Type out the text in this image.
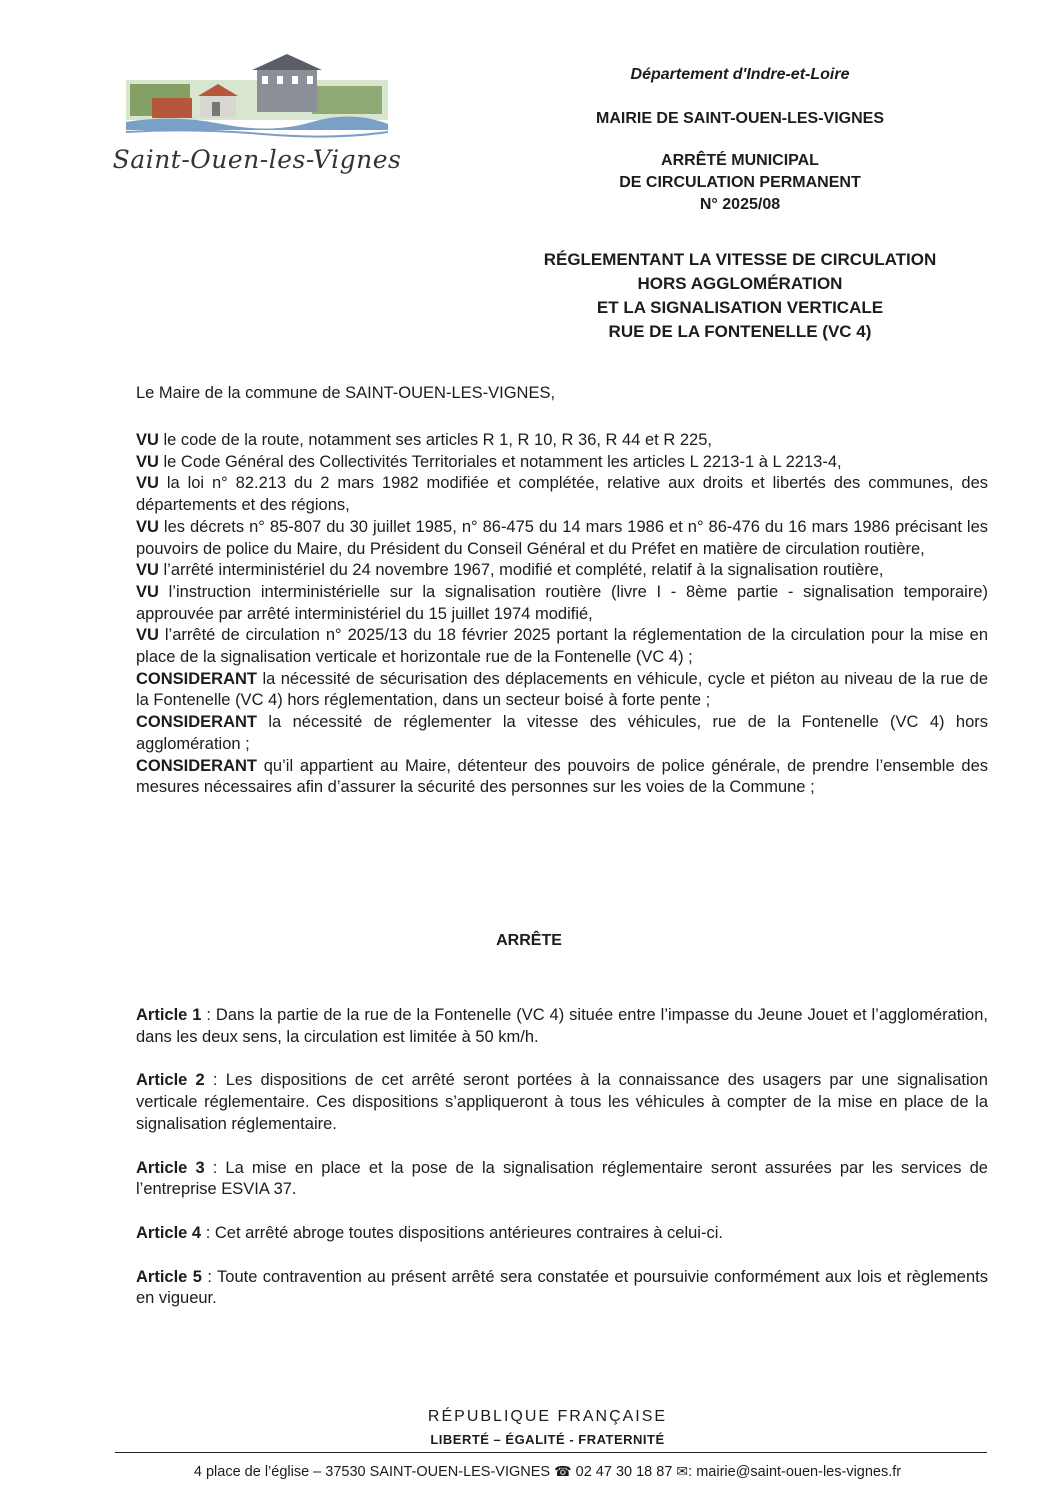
Saint-Ouen-les-Vignes
Département d'Indre-et-Loire
MAIRIE DE SAINT-OUEN-LES-VIGNES
ARRÊTÉ MUNICIPAL
DE CIRCULATION PERMANENT
N° 2025/08
RÉGLEMENTANT LA VITESSE DE CIRCULATION
HORS AGGLOMÉRATION
ET LA SIGNALISATION VERTICALE
RUE DE LA FONTENELLE (VC 4)
Le Maire de la commune de SAINT-OUEN-LES-VIGNES,

VU le code de la route, notamment ses articles R 1, R 10, R 36, R 44 et R 225,

VU le Code Général des Collectivités Territoriales et notamment les articles L 2213-1 à L 2213-4,

VU la loi n° 82.213 du 2 mars 1982 modifiée et complétée, relative aux droits et libertés des communes, des départements et des régions,

VU les décrets n° 85-807 du 30 juillet 1985, n° 86-475 du 14 mars 1986 et n° 86-476 du 16 mars 1986 précisant les pouvoirs de police du Maire, du Président du Conseil Général et du Préfet en matière de circulation routière,

VU l’arrêté interministériel du 24 novembre 1967, modifié et complété, relatif à la signalisation routière,

VU l’instruction interministérielle sur la signalisation routière (livre I - 8ème partie - signalisation temporaire) approuvée par arrêté interministériel du 15 juillet 1974 modifié,

VU l’arrêté de circulation n° 2025/13 du 18 février 2025 portant la réglementation de la circulation pour la mise en place de la signalisation verticale et horizontale rue de la Fontenelle (VC 4) ;

CONSIDERANT la nécessité de sécurisation des déplacements en véhicule, cycle et piéton au niveau de la rue de la Fontenelle (VC 4) hors réglementation, dans un secteur boisé à forte pente ;

CONSIDERANT la nécessité de réglementer la vitesse des véhicules, rue de la Fontenelle (VC 4) hors agglomération ;

CONSIDERANT qu’il appartient au Maire, détenteur des pouvoirs de police générale, de prendre l’ensemble des mesures nécessaires afin d’assurer la sécurité des personnes sur les voies de la Commune ;

ARRÊTE

Article 1 : Dans la partie de la rue de la Fontenelle (VC 4) située entre l’impasse du Jeune Jouet et l’agglomération, dans les deux sens, la circulation est limitée à 50 km/h.

Article 2 : Les dispositions de cet arrêté seront portées à la connaissance des usagers par une signalisation verticale réglementaire. Ces dispositions s’appliqueront à tous les véhicules à compter de la mise en place de la signalisation réglementaire.

Article 3 : La mise en place et la pose de la signalisation réglementaire seront assurées par les services de l’entreprise ESVIA 37.

Article 4 : Cet arrêté abroge toutes dispositions antérieures contraires à celui-ci.

Article 5 : Toute contravention au présent arrêté sera constatée et poursuivie conformément aux lois et règlements en vigueur.

RÉPUBLIQUE FRANÇAISE
LIBERTÉ – ÉGALITÉ - FRATERNITÉ
4 place de l’église – 37530 SAINT-OUEN-LES-VIGNES ☎ 02 47 30 18 87 ✉: mairie@saint-ouen-les-vignes.fr
